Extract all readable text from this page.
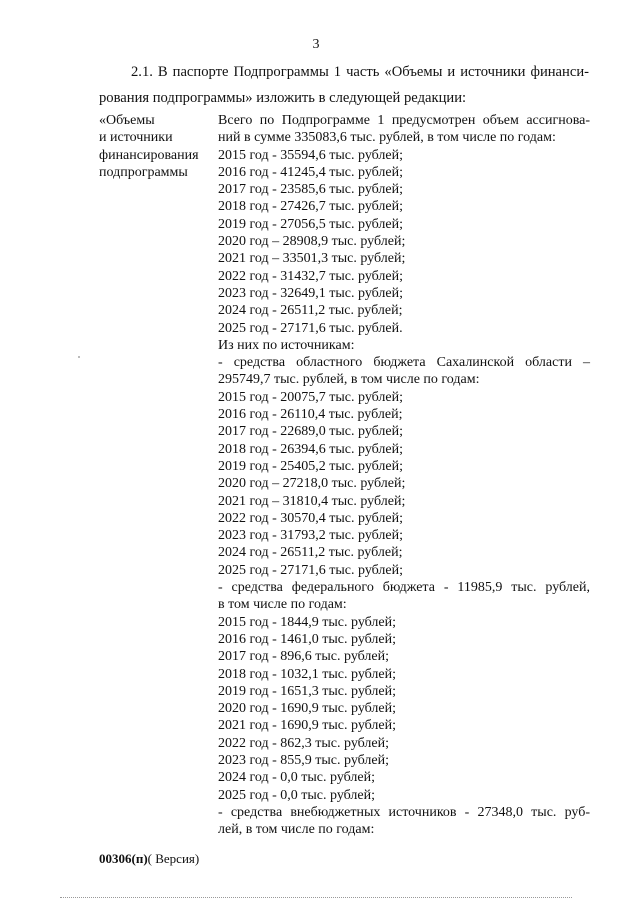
3
2.1. В паспорте Подпрограммы 1 часть «Объемы и источники финанси-
рования подпрограммы» изложить в следующей редакции:
«Объемы
и источники
финансирования
подпрограммы
Всего по Подпрограмме 1 предусмотрен объем ассигнова-
ний в сумме 335083,6 тыс. рублей, в том числе по годам:
2015 год - 35594,6 тыс. рублей;
2016 год - 41245,4 тыс. рублей;
2017 год - 23585,6 тыс. рублей;
2018 год - 27426,7 тыс. рублей;
2019 год - 27056,5 тыс. рублей;
2020 год – 28908,9 тыс. рублей;
2021 год – 33501,3 тыс. рублей;
2022 год - 31432,7 тыс. рублей;
2023 год - 32649,1 тыс. рублей;
2024 год - 26511,2 тыс. рублей;
2025 год - 27171,6 тыс. рублей.
Из них по источникам:
- средства областного бюджета Сахалинской области –
295749,7 тыс. рублей, в том числе по годам:
2015 год - 20075,7 тыс. рублей;
2016 год - 26110,4 тыс. рублей;
2017 год - 22689,0 тыс. рублей;
2018 год - 26394,6 тыс. рублей;
2019 год - 25405,2 тыс. рублей;
2020 год – 27218,0 тыс. рублей;
2021 год – 31810,4 тыс. рублей;
2022 год - 30570,4 тыс. рублей;
2023 год - 31793,2 тыс. рублей;
2024 год - 26511,2 тыс. рублей;
2025 год - 27171,6 тыс. рублей;
- средства федерального бюджета - 11985,9 тыс. рублей,
в том числе по годам:
2015 год - 1844,9 тыс. рублей;
2016 год - 1461,0 тыс. рублей;
2017 год - 896,6 тыс. рублей;
2018 год - 1032,1 тыс. рублей;
2019 год - 1651,3 тыс. рублей;
2020 год - 1690,9 тыс. рублей;
2021 год - 1690,9 тыс. рублей;
2022 год - 862,3 тыс. рублей;
2023 год - 855,9 тыс. рублей;
2024 год - 0,0 тыс. рублей;
2025 год - 0,0 тыс. рублей;
- средства внебюджетных источников - 27348,0 тыс. руб-
лей, в том числе по годам:
00306(п)( Версия)
